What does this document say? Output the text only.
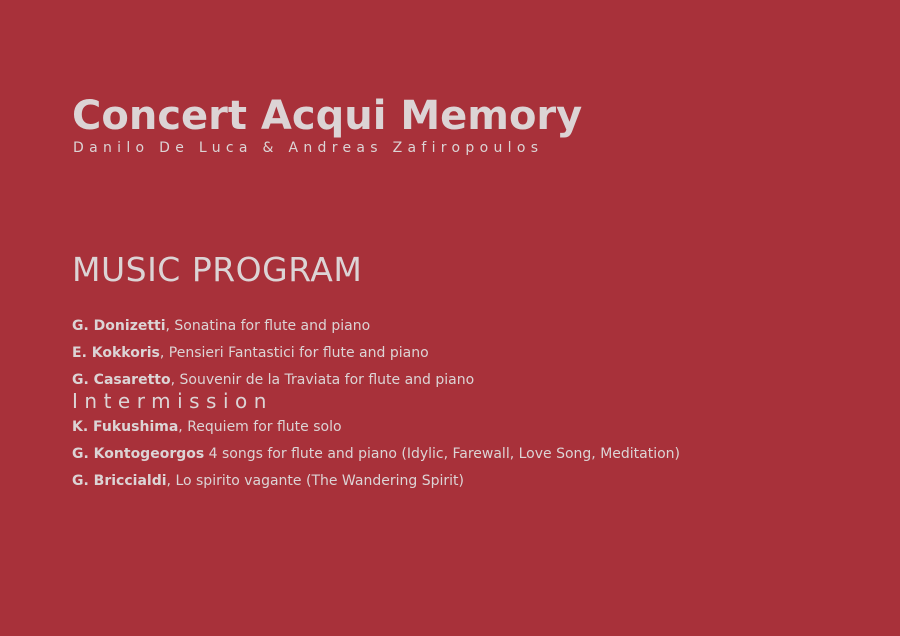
Concert Acqui Memory

Danilo De Luca & Andreas Zafiropoulos

MUSIC PROGRAM
G. Donizetti, Sonatina for flute and piano
E. Kokkoris, Pensieri Fantastici for flute and piano
G. Casaretto, Souvenir de la Traviata for flute and piano
Intermission
K. Fukushima, Requiem for flute solo
G. Kontogeorgos 4 songs for flute and piano (Idylic, Farewall, Love Song, Meditation)
G. Briccialdi, Lo spirito vagante (The Wandering Spirit)
